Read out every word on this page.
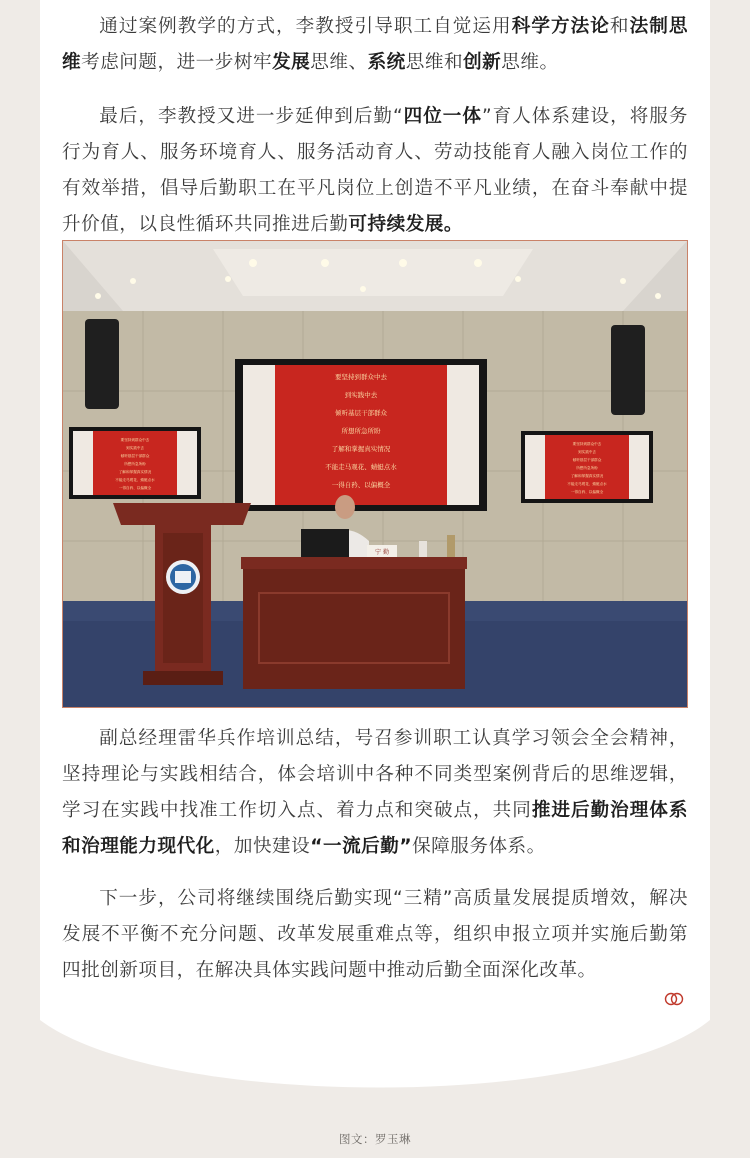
通过案例教学的方式，李教授引导职工自觉运用科学方法论和法制思维考虑问题，进一步树牢发展思维、系统思维和创新思维。
最后，李教授又进一步延伸到后勤“四位一体”育人体系建设，将服务行为育人、服务环境育人、服务活动育人、劳动技能育人融入岗位工作的有效举措，倡导后勤职工在平凡岗位上创造不平凡业绩，在奋斗奉献中提升价值，以良性循环共同推进后勤可持续发展。
要坚持到群众中去
到实践中去
倾听基层干部群众
所想所急所盼
了解和掌握真实情况
不能走马观花、蜻蜓点水
一得自矜、以偏概全
要坚持到群众中去
到实践中去
倾听基层干部群众
所想所急所盼
了解和掌握真实情况
不能走马观花、蜻蜓点水
一得自矜、以偏概全
要坚持到群众中去
到实践中去
倾听基层干部群众
所想所急所盼
了解和掌握真实情况
不能走马观花、蜻蜓点水
一得自矜、以偏概全
宁 勤
副总经理雷华兵作培训总结，号召参训职工认真学习领会全会精神，坚持理论与实践相结合，体会培训中各种不同类型案例背后的思维逻辑，学习在实践中找准工作切入点、着力点和突破点，共同推进后勤治理体系和治理能力现代化，加快建设“一流后勤”保障服务体系。
下一步，公司将继续围绕后勤实现“三精”高质量发展提质增效，解决发展不平衡不充分问题、改革发展重难点等，组织申报立项并实施后勤第四批创新项目，在解决具体实践问题中推动后勤全面深化改革。
图文：罗玉琳
